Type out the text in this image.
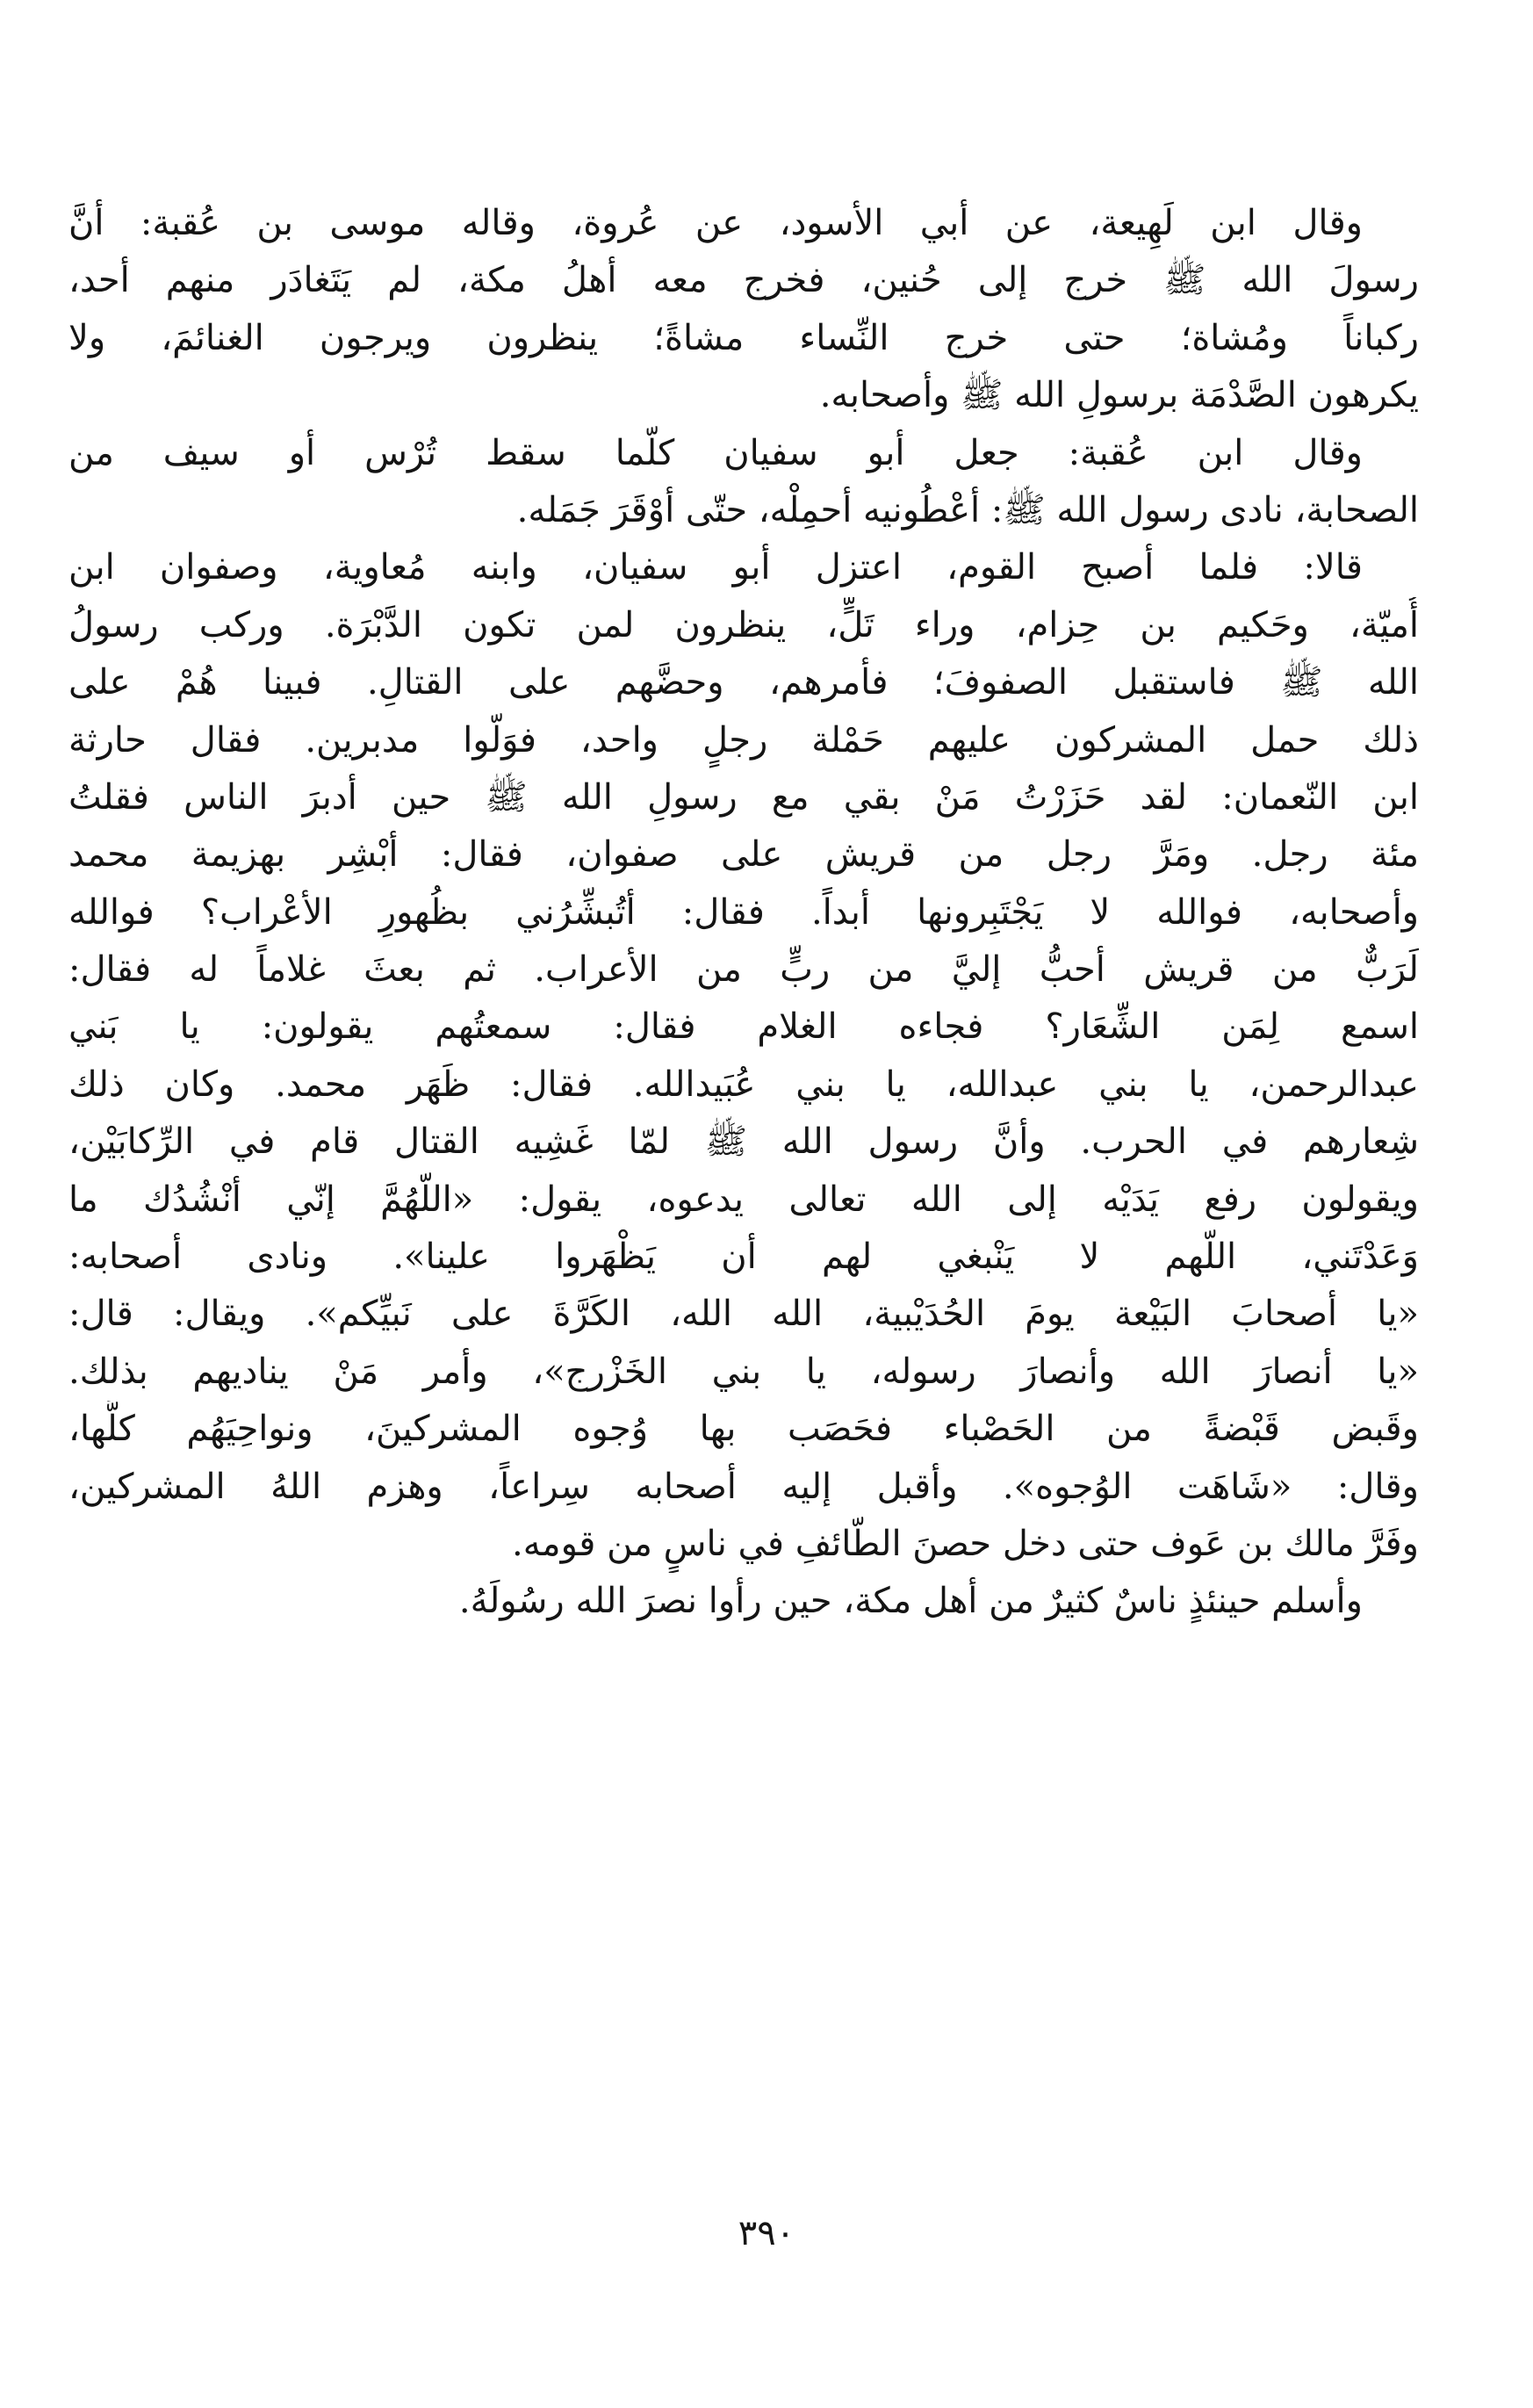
وقال ابن لَهِيعة، عن أبي الأسود، عن عُروة، وقاله موسى بن عُقبة: أنَّ
رسولَ الله ﷺ خرج إلى حُنين، فخرج معه أهلُ مكة، لم يَتَغادَر منهم أحد،
ركباناً ومُشاة؛ حتى خرج النِّساء مشاةً؛ ينظرون ويرجون الغنائمَ، ولا
يكرهون الصَّدْمَة برسولِ الله ﷺ وأصحابه.
وقال ابن عُقبة: جعل أبو سفيان كلّما سقط تُرْس أو سيف من
الصحابة، نادى رسول الله ﷺ: أعْطُونيه أحمِلْه، حتّى أوْقَرَ جَمَله.
قالا: فلما أصبح القوم، اعتزل أبو سفيان، وابنه مُعاوية، وصفوان ابن
أُميّة، وحَكيم بن حِزام، وراء تَلٍّ، ينظرون لمن تكون الدَّبْرَة. وركب رسولُ
الله ﷺ فاستقبل الصفوفَ؛ فأمرهم، وحضَّهم على القتالِ. فبينا هُمْ على
ذلك حمل المشركون عليهم حَمْلة رجلٍ واحد، فوَلّوا مدبرين. فقال حارثة
ابن النّعمان: لقد حَزَرْتُ مَنْ بقي مع رسولِ الله ﷺ حين أدبرَ الناس فقلتُ
مئة رجل. ومَرَّ رجل من قريش على صفوان، فقال: أبْشِر بهزيمة محمد
وأصحابه، فوالله لا يَجْتَبِرونها أبداً. فقال: أتُبشِّرُني بظُهورِ الأعْراب؟ فوالله
لَرَبٌّ من قريش أحبُّ إليَّ من ربٍّ من الأعراب. ثم بعثَ غلاماً له فقال:
اسمع لِمَن الشِّعَار؟ فجاءه الغلام فقال: سمعتُهم يقولون: يا بَني
عبدالرحمن، يا بني عبدالله، يا بني عُبَيدالله. فقال: ظَهَر محمد. وكان ذلك
شِعارهم في الحرب. وأنَّ رسول الله ﷺ لمّا غَشِيه القتال قام في الرِّكابَيْن،
ويقولون رفع يَدَيْه إلى الله تعالى يدعوه، يقول: «اللّهُمَّ إنّي أنْشُدُك ما
وَعَدْتَني، اللّهم لا يَنْبغي لهم أن يَظْهَروا علينا». ونادى أصحابه:
«يا أصحابَ البَيْعة يومَ الحُدَيْبية، الله الله، الكَرَّةَ على نَبيِّكم». ويقال: قال:
«يا أنصارَ الله وأنصارَ رسوله، يا بني الخَزْرج»، وأمر مَنْ يناديهم بذلك.
وقَبض قَبْضةً من الحَصْباء فحَصَب بها وُجوه المشركينَ، ونواحِيَهُم كلَّها،
وقال: «شَاهَت الوُجوه». وأقبل إليه أصحابه سِراعاً، وهزم اللهُ المشركين،
وفَرَّ مالك بن عَوف حتى دخل حصنَ الطّائفِ في ناسٍ من قومه.
وأسلم حينئذٍ ناسٌ كثيرٌ من أهل مكة، حين رأوا نصرَ الله رسُولَهُ.
٣٩٠
